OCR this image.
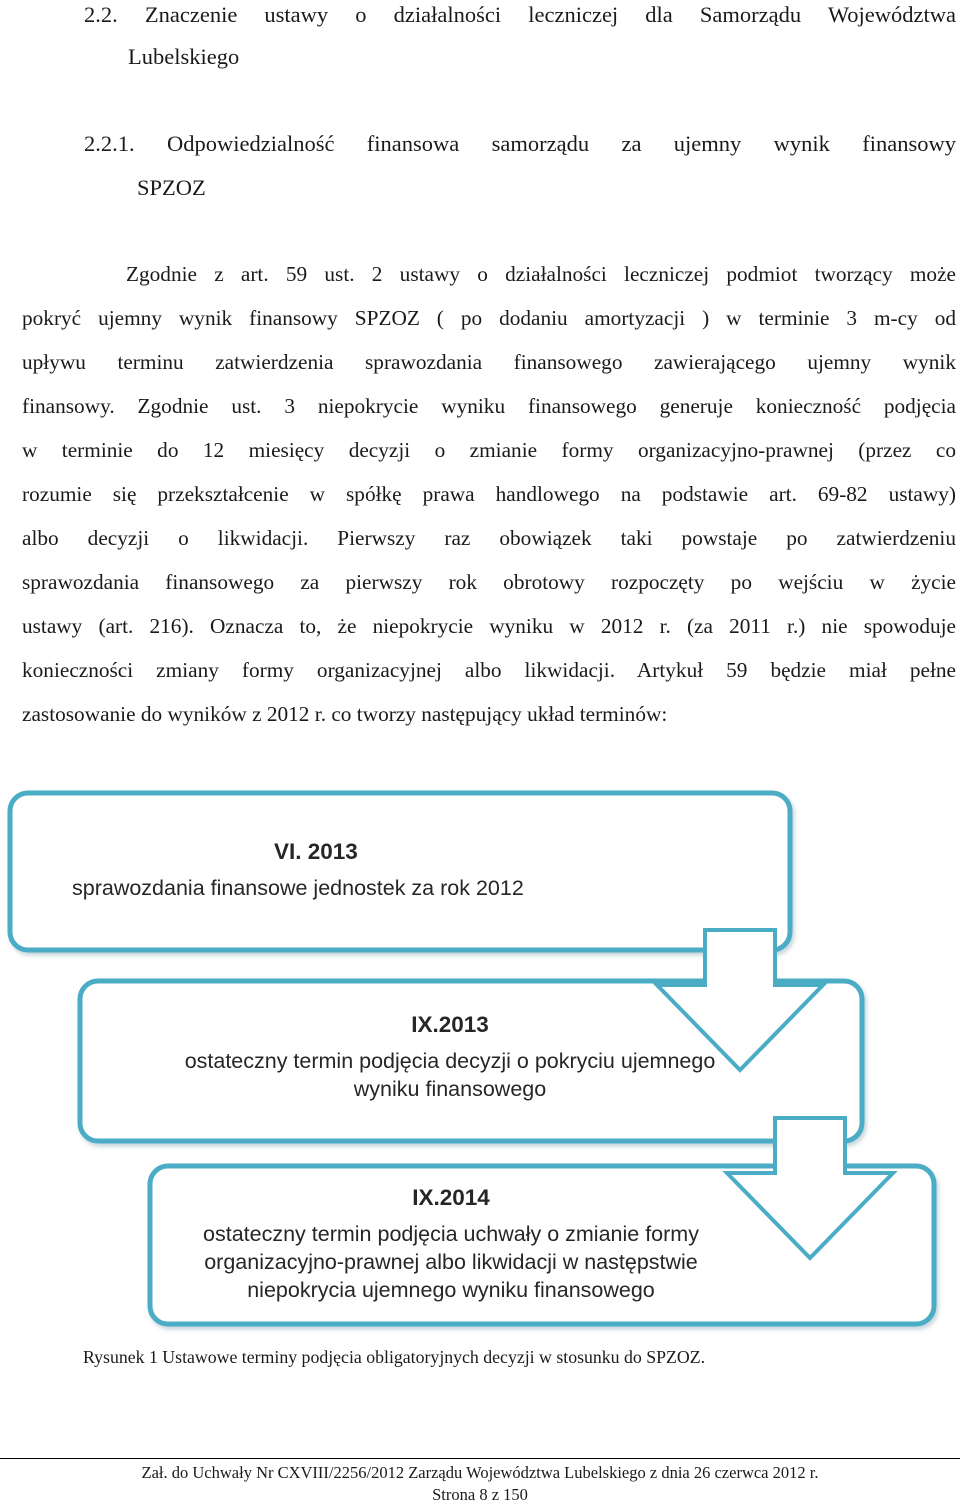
2.2. Znaczenie ustawy o działalności leczniczej dla Samorządu Województwa
Lubelskiego
2.2.1. Odpowiedzialność finansowa samorządu za ujemny wynik finansowy
SPZOZ
Zgodnie z art. 59 ust. 2 ustawy o działalności leczniczej podmiot tworzący może
pokryć ujemny wynik finansowy SPZOZ ( po dodaniu amortyzacji ) w terminie 3 m-cy od
upływu terminu zatwierdzenia sprawozdania finansowego zawierającego ujemny wynik
finansowy. Zgodnie ust. 3 niepokrycie wyniku finansowego generuje konieczność podjęcia
w terminie do 12 miesięcy decyzji o zmianie formy organizacyjno-prawnej (przez co
rozumie się przekształcenie w spółkę prawa handlowego na podstawie art. 69-82 ustawy)
albo decyzji o likwidacji. Pierwszy raz obowiązek taki powstaje po zatwierdzeniu
sprawozdania finansowego za pierwszy rok obrotowy rozpoczęty po wejściu w życie
ustawy (art. 216). Oznacza to, że niepokrycie wyniku w 2012 r. (za 2011 r.) nie spowoduje
konieczności zmiany formy organizacyjnej albo likwidacji. Artykuł 59 będzie miał pełne
zastosowanie do wyników z 2012 r. co tworzy następujący układ terminów:
VI. 2013
sprawozdania finansowe jednostek za rok 2012
IX.2013
ostateczny termin podjęcia decyzji o pokryciu ujemnego
wyniku finansowego
IX.2014
ostateczny termin podjęcia uchwały o zmianie formy
organizacyjno-prawnej albo likwidacji w następstwie
niepokrycia ujemnego wyniku finansowego
Rysunek 1 Ustawowe terminy podjęcia obligatoryjnych decyzji w stosunku do SPZOZ.
Zał. do Uchwały Nr CXVIII/2256/2012 Zarządu Województwa Lubelskiego z dnia 26 czerwca 2012 r.
Strona 8 z 150
